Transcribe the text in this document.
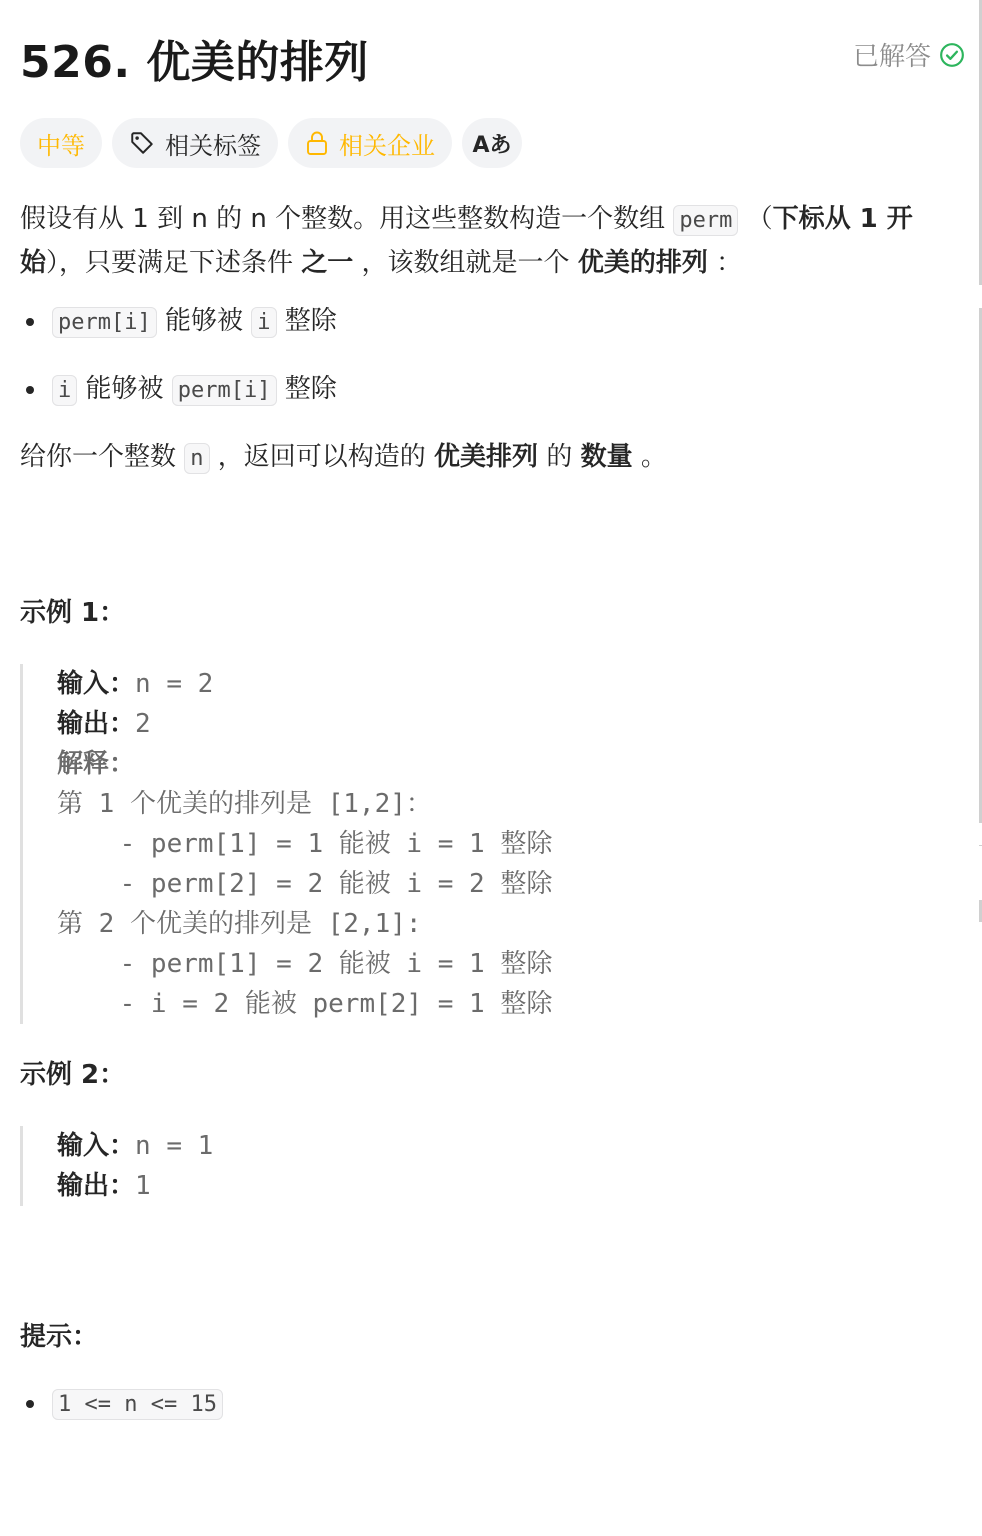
526. 优美的排列	已解答
中等	相关标签	相关企业 Aあ

假设有从 1 到 n 的 n 个整数。用这些整数构造一个数组 perm （下标从 1 开始），只要满足下述条件 之一 ，该数组就是一个 优美的排列 ：

perm[i] 能够被 i 整除
i 能够被 perm[i] 整除

给你一个整数 n ，返回可以构造的 优美排列 的 数量 。

示例 1：
输入：n = 2
输出：2
解释：
第 1 个优美的排列是 [1,2]：
- perm[1] = 1 能被 i = 1 整除
- perm[2] = 2 能被 i = 2 整除
第 2 个优美的排列是 [2,1]:
- perm[1] = 2 能被 i = 1 整除
- i = 2 能被 perm[2] = 1 整除
示例 2：
输入：n = 1
输出：1
提示：
1 <= n <= 15
